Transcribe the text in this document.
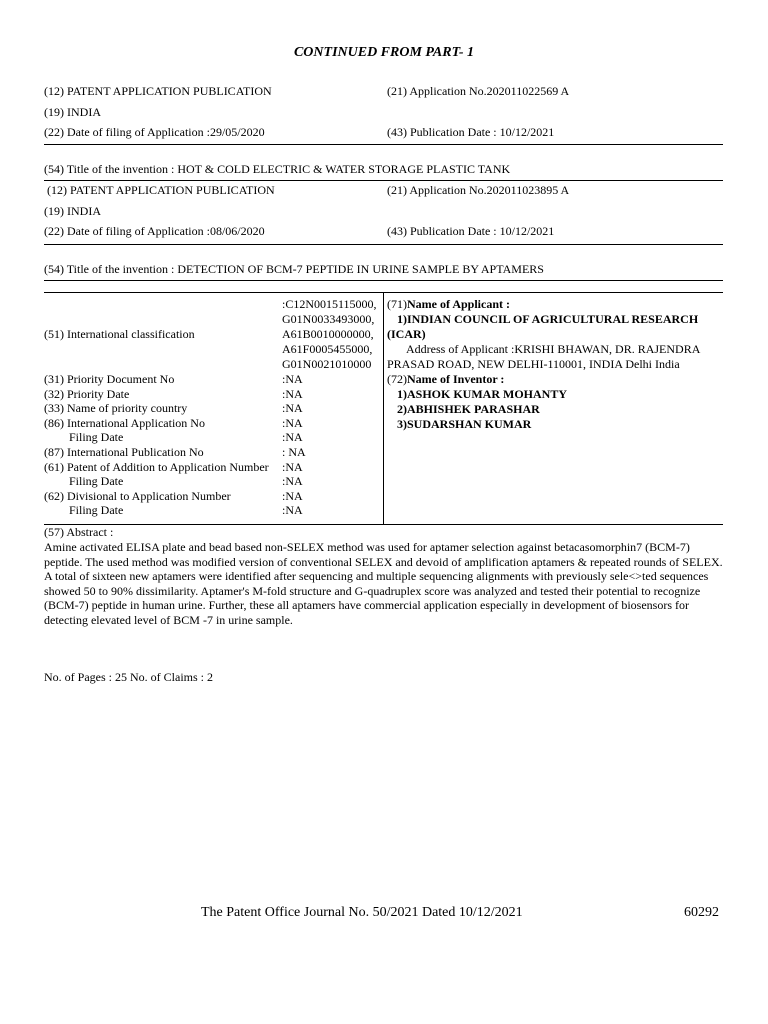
CONTINUED FROM PART- 1
(12) PATENT APPLICATION PUBLICATION
(19) INDIA
(22) Date of filing of Application :29/05/2020
(21) Application No.202011022569 A
(43) Publication Date : 10/12/2021
(54) Title of the invention : HOT & COLD ELECTRIC & WATER STORAGE PLASTIC TANK
(12) PATENT APPLICATION PUBLICATION
(19) INDIA
(22) Date of filing of Application :08/06/2020
(21) Application No.202011023895 A
(43) Publication Date : 10/12/2021
(54) Title of the invention : DETECTION OF BCM-7 PEPTIDE IN URINE SAMPLE BY APTAMERS
(51) International classification
:C12N0015115000,
G01N0033493000,
A61B0010000000,
A61F0005455000,
G01N0021010000
(31) Priority Document No	:NA
(32) Priority Date	:NA
(33) Name of priority country	:NA
(86) International Application No	:NA
Filing Date	:NA
(87) International Publication No	: NA
(61) Patent of Addition to Application Number :NA
Filing Date	:NA
(62) Divisional to Application Number	:NA
Filing Date	:NA
(71)Name of Applicant :
1)INDIAN COUNCIL OF AGRICULTURAL RESEARCH
(ICAR)
Address of Applicant :KRISHI BHAWAN, DR. RAJENDRA
PRASAD ROAD, NEW DELHI-110001, INDIA Delhi India
(72)Name of Inventor :
1)ASHOK KUMAR MOHANTY
2)ABHISHEK PARASHAR
3)SUDARSHAN KUMAR
(57) Abstract :
Amine activated ELISA plate and bead based non-SELEX method was used for aptamer selection against betacasomorphin7 (BCM-7) peptide. The used method was modified version of conventional SELEX and devoid of amplification aptamers & repeated rounds of SELEX. A total of sixteen new aptamers were identified after sequencing and multiple sequencing alignments with previously sele<>ted sequences showed 50 to 90% dissimilarity. Aptamer's M-fold structure and G-quadruplex score was analyzed and tested their potential to recognize (BCM-7) peptide in human urine. Further, these all aptamers have commercial application especially in development of biosensors for detecting elevated level of BCM -7 in urine sample.
No. of Pages : 25 No. of Claims : 2
The Patent Office Journal No. 50/2021 Dated 10/12/2021	60292
